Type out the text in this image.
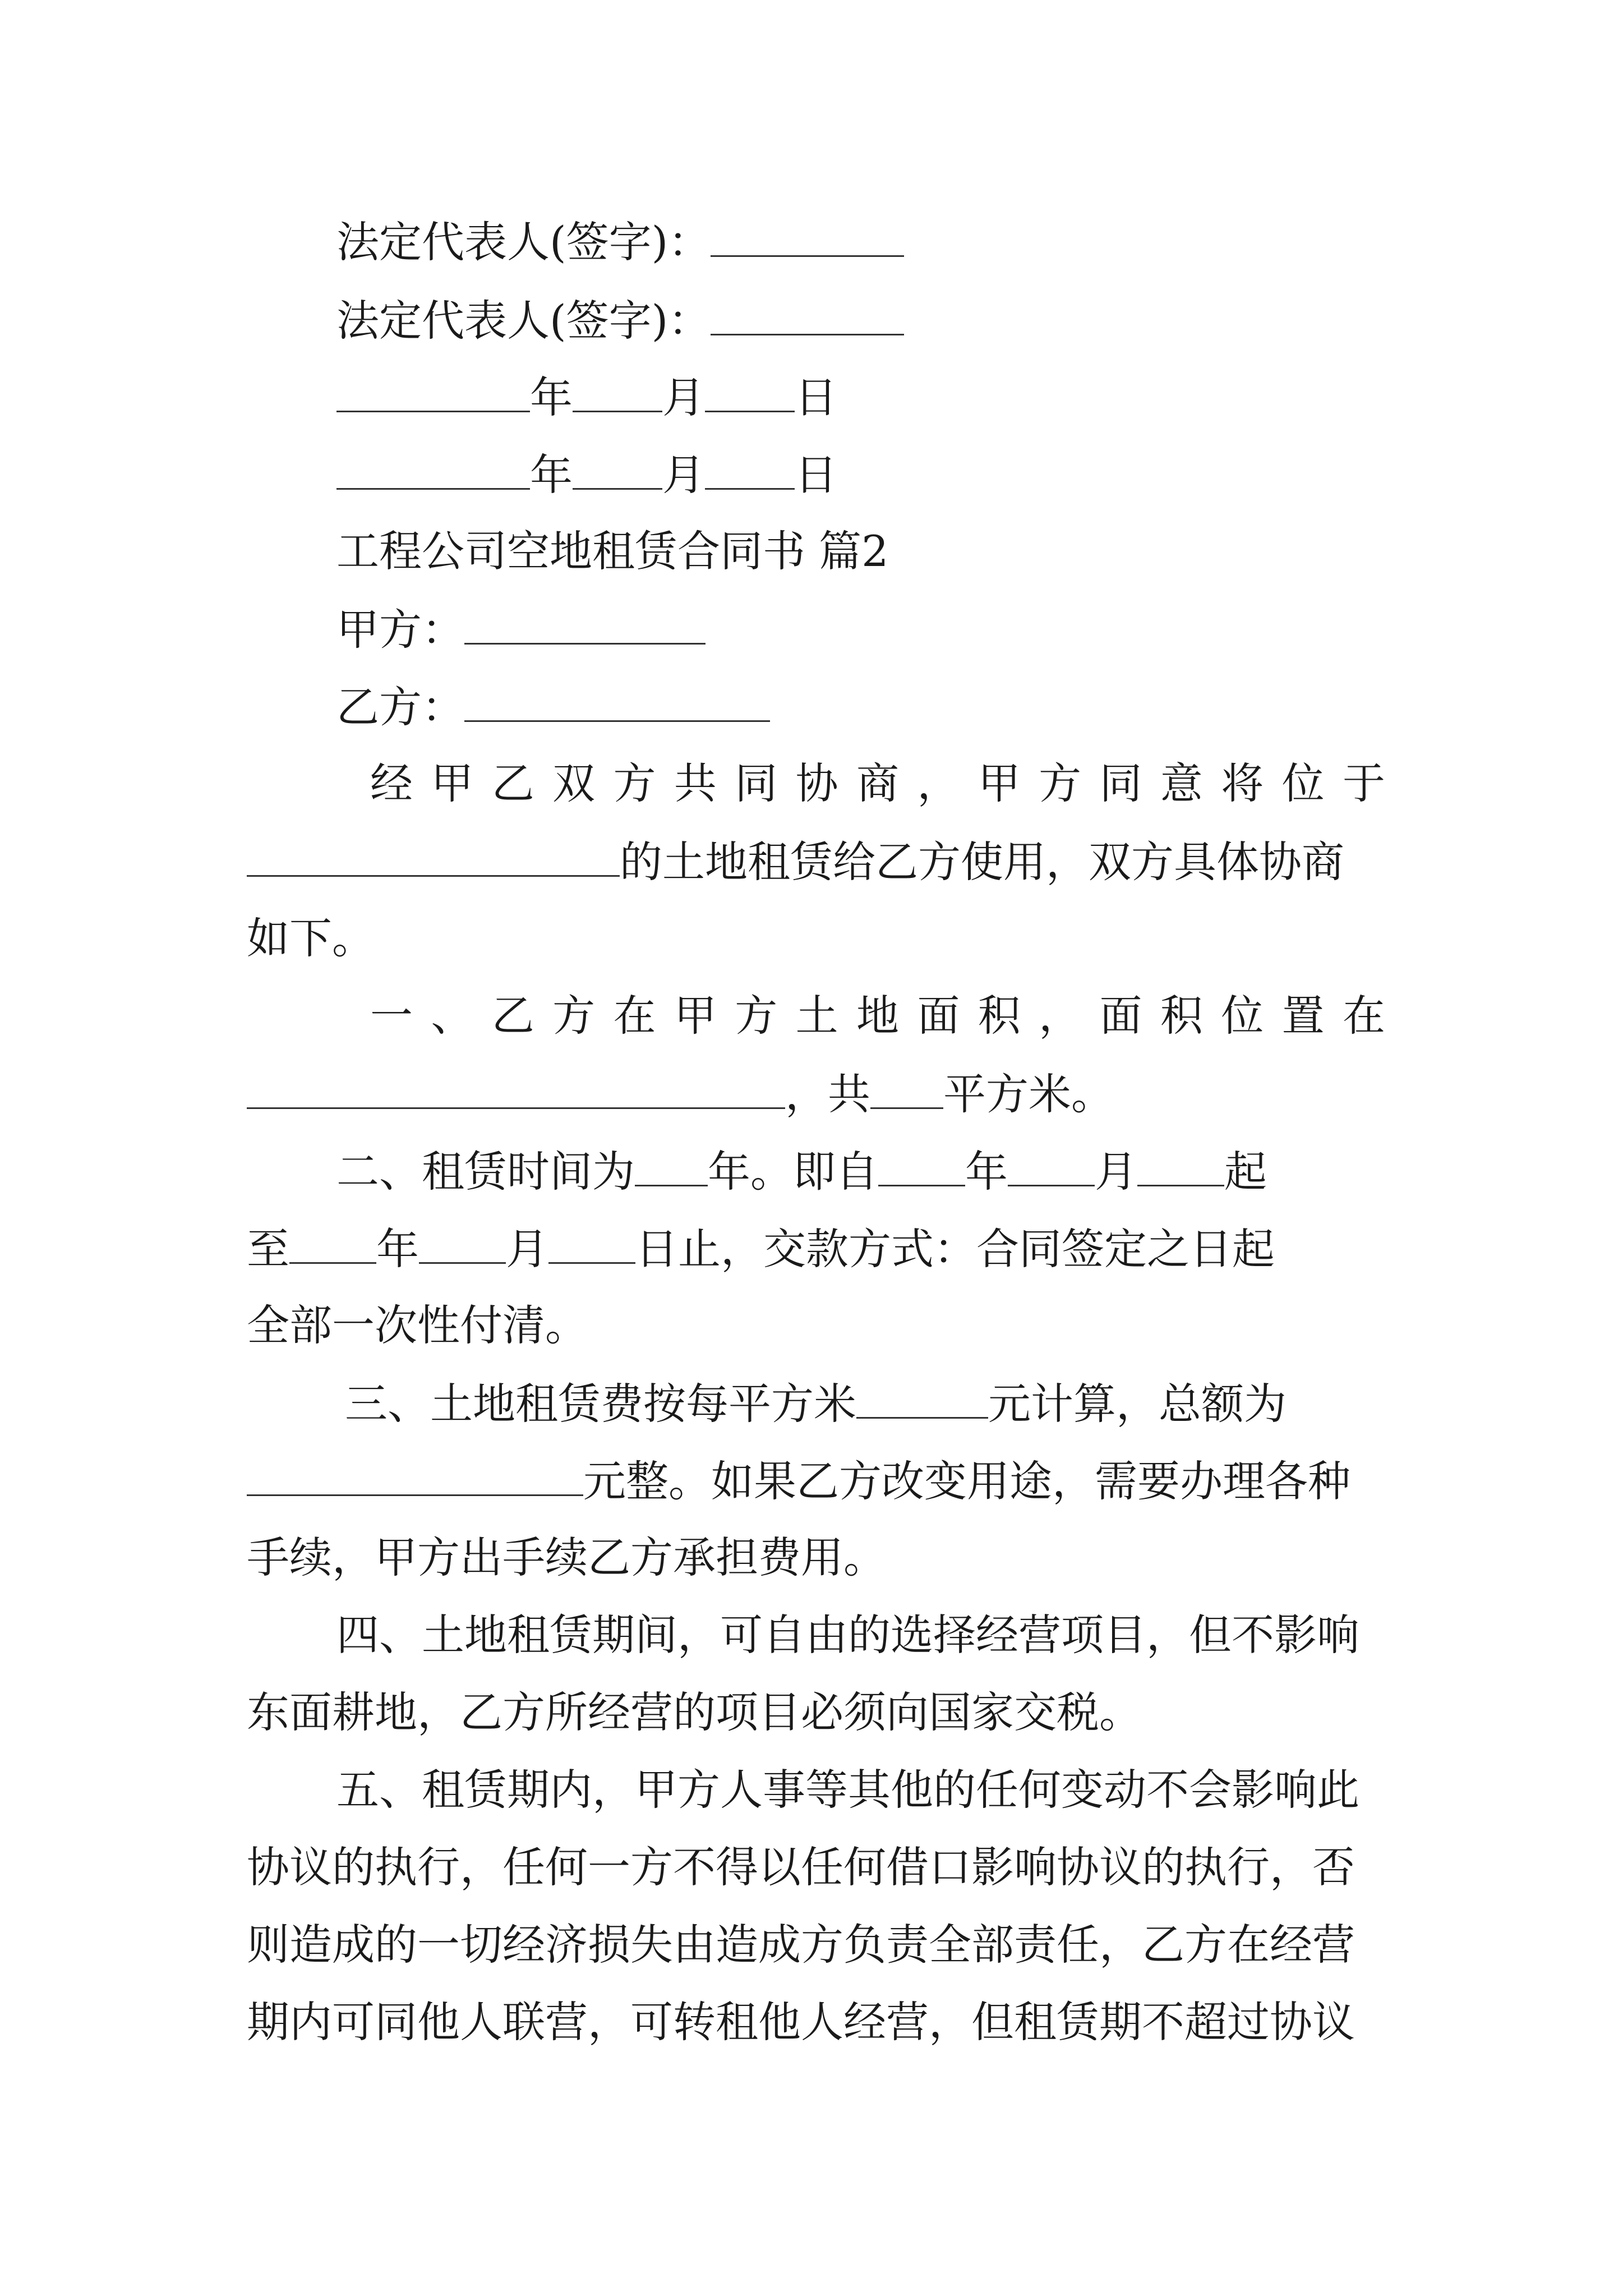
法定代表人(签字)：
法定代表人(签字)：
年 月 日
年 月 日
工程公司空地租赁合同书 篇2
甲方：
乙方：
经甲乙双方共同协商，甲方同意将位于
的土地租赁给乙方使用，双方具体协商
如下。
一、乙方在甲方土地面积，面积位置在
，共 平方米。
二、租赁时间为 年。即自 年 月 起
至 年 月 日止，交款方式：合同签定之日起
全部一次性付清。
三、土地租赁费按每平方米	元计算，总额为
元整。如果乙方改变用途，需要办理各种
手续，甲方出手续乙方承担费用。
四、土地租赁期间，可自由的选择经营项目，但不影响
东面耕地，乙方所经营的项目必须向国家交税。
五、租赁期内，甲方人事等其他的任何变动不会影响此
协议的执行，任何一方不得以任何借口影响协议的执行，否
则造成的一切经济损失由造成方负责全部责任，乙方在经营
期内可同他人联营，可转租他人经营，但租赁期不超过协议
